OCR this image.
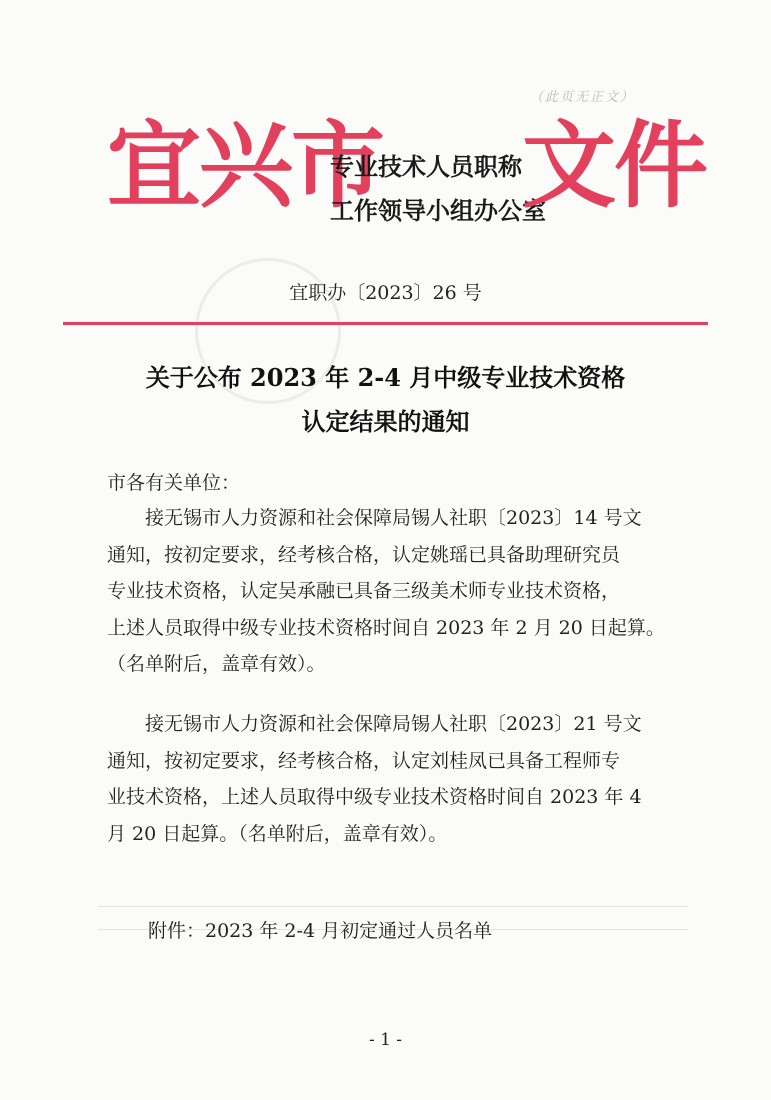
（此页无正文）
宜兴市
专业技术人员职称
工作领导小组办公室
文件
宜职办〔2023〕26 号
关于公布 2023 年 2-4 月中级专业技术资格
认定结果的通知
市各有关单位：
　　接无锡市人力资源和社会保障局锡人社职〔2023〕14 号文
通知，按初定要求，经考核合格，认定姚瑶已具备助理研究员
专业技术资格，认定吴承融已具备三级美术师专业技术资格，
上述人员取得中级专业技术资格时间自 2023 年 2 月 20 日起算。
（名单附后，盖章有效）。
　　接无锡市人力资源和社会保障局锡人社职〔2023〕21 号文
通知，按初定要求，经考核合格，认定刘桂凤已具备工程师专
业技术资格，上述人员取得中级专业技术资格时间自 2023 年 4
月 20 日起算。（名单附后，盖章有效）。
附件：2023 年 2-4 月初定通过人员名单
- 1 -
